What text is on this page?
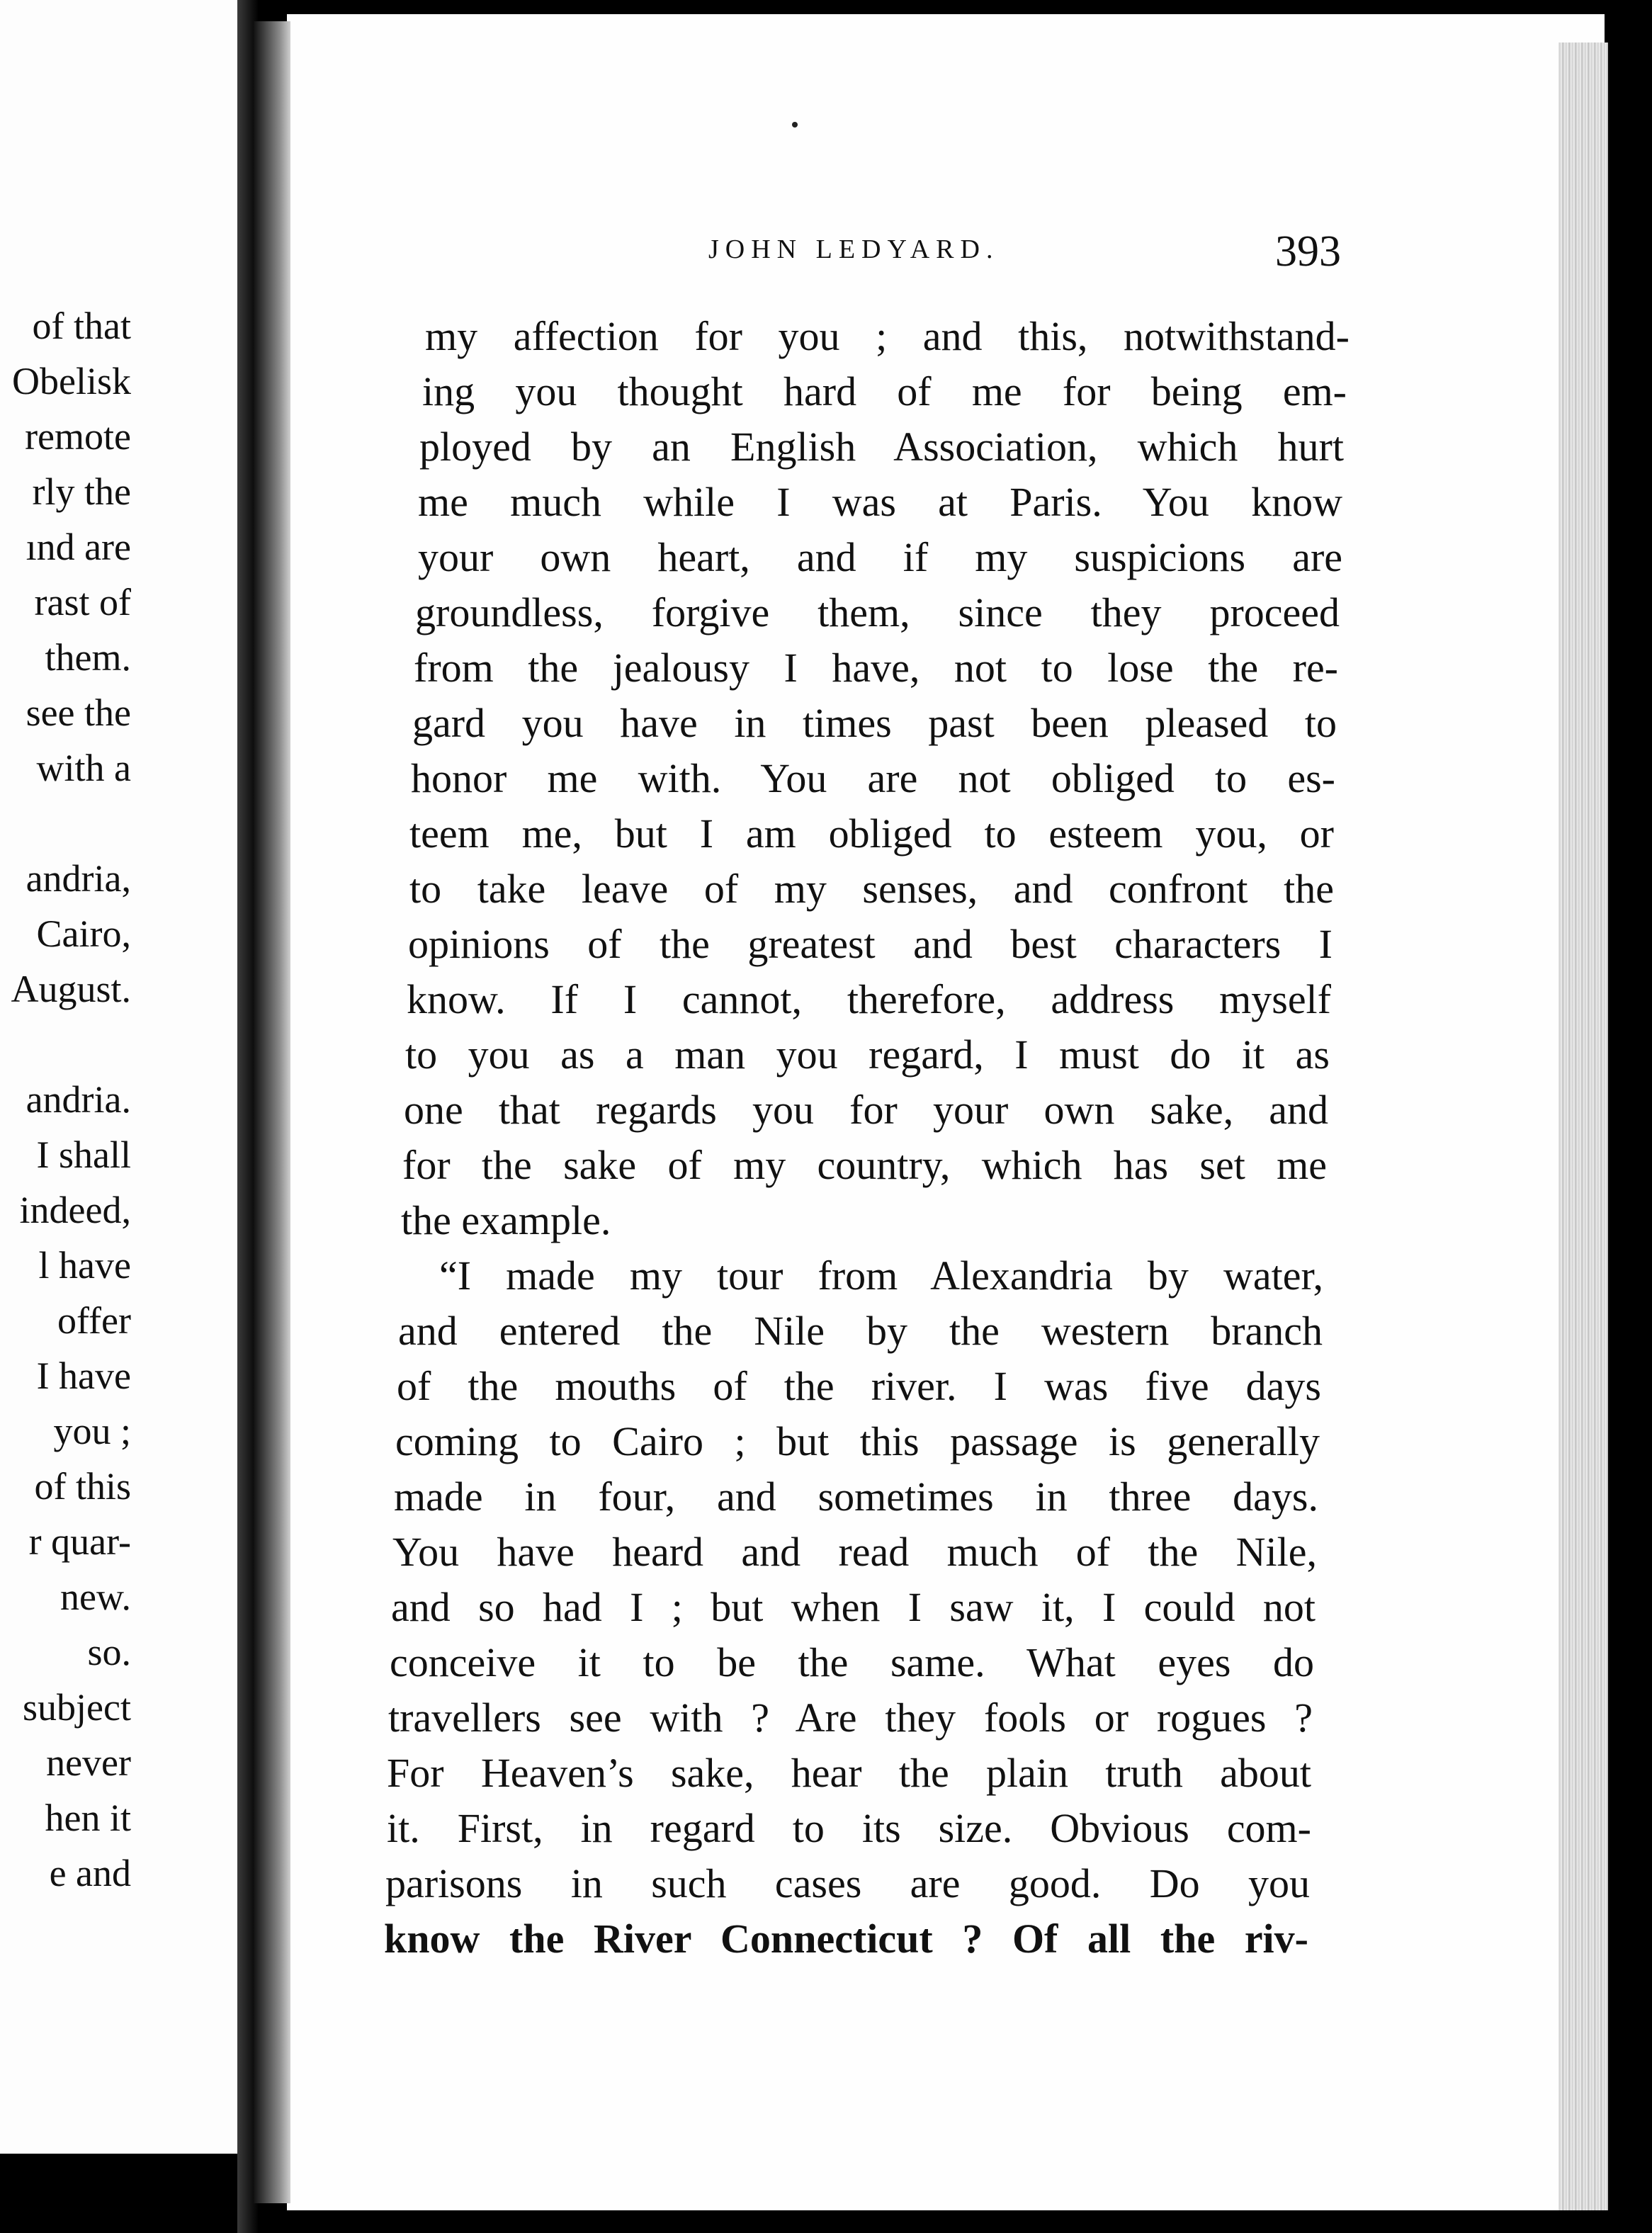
of that
Obelisk
remote
rly the
ınd are
rast of
them.
see the
with a
andria,
Cairo,
August.
andria.
I shall
indeed,
l have
offer
I have
you ;
of this
r quar-
new.
so.
subject
never
hen it
e and
JOHN LEDYARD.	393
my affection for you ; and this, notwithstand-
ing you thought hard of me for being em-
ployed by an English Association, which hurt
me much while I was at Paris. You know
your own heart, and if my suspicions are
groundless, forgive them, since they proceed
from the jealousy I have, not to lose the re-
gard you have in times past been pleased to
honor me with. You are not obliged to es-
teem me, but I am obliged to esteem you, or
to take leave of my senses, and confront the
opinions of the greatest and best characters I
know. If I cannot, therefore, address myself
to you as a man you regard, I must do it as
one that regards you for your own sake, and
for the sake of my country, which has set me
the example.
“I made my tour from Alexandria by water,
and entered the Nile by the western branch
of the mouths of the river. I was five days
coming to Cairo ; but this passage is generally
made in four, and sometimes in three days.
You have heard and read much of the Nile,
and so had I ; but when I saw it, I could not
conceive it to be the same. What eyes do
travellers see with ? Are they fools or rogues ?
For Heaven’s sake, hear the plain truth about
it. First, in regard to its size. Obvious com-
parisons in such cases are good. Do you
know the River Connecticut ? Of all the riv-
